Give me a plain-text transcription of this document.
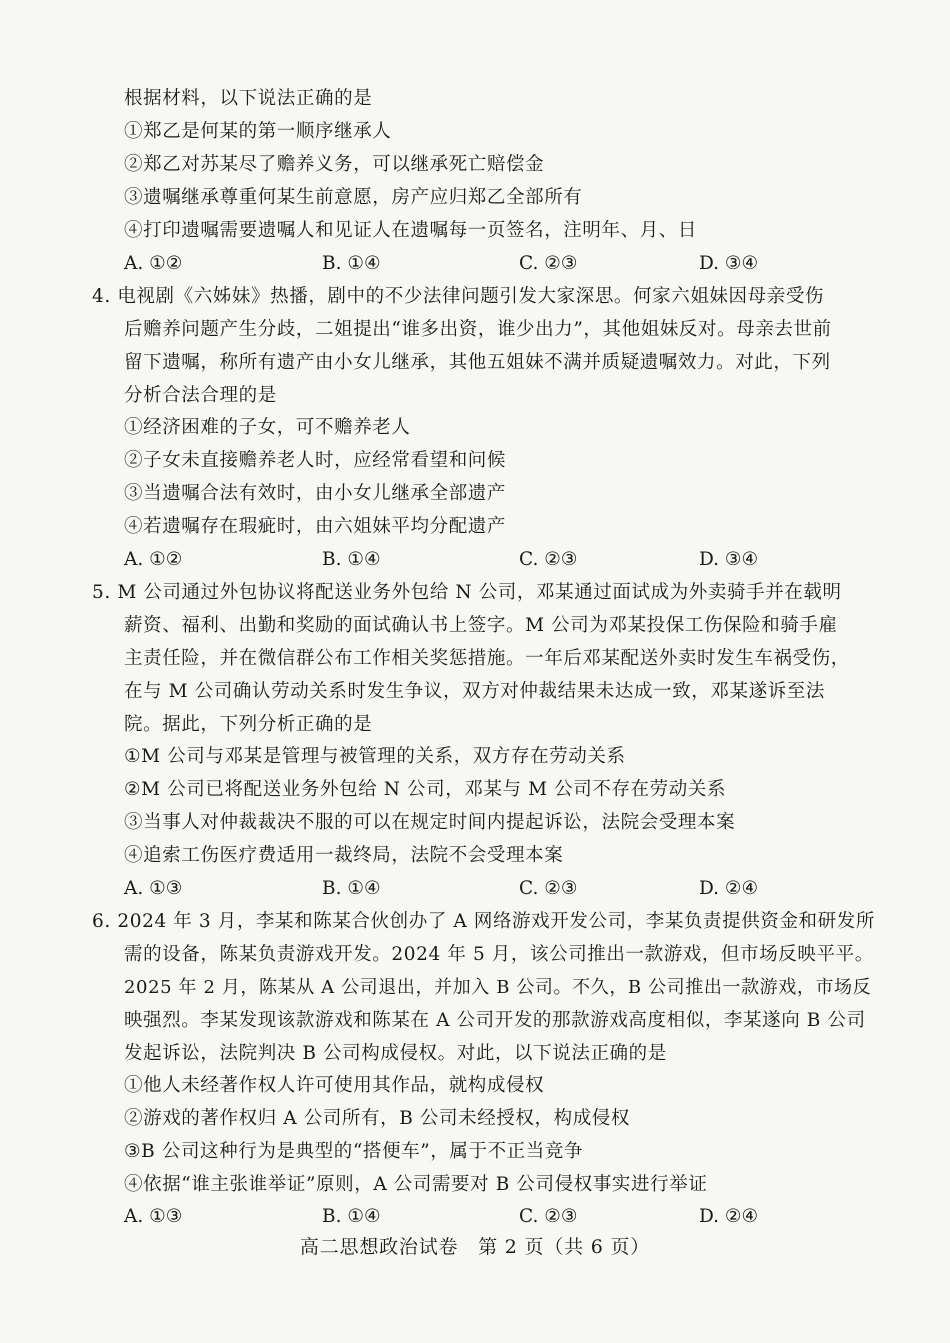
根据材料，以下说法正确的是
①郑乙是何某的第一顺序继承人
②郑乙对苏某尽了赡养义务，可以继承死亡赔偿金
③遗嘱继承尊重何某生前意愿，房产应归郑乙全部所有
④打印遗嘱需要遗嘱人和见证人在遗嘱每一页签名，注明年、月、日
A. ①②	B. ①④	C. ②③	D. ③④
4. 电视剧《六姊妹》热播，剧中的不少法律问题引发大家深思。何家六姐妹因母亲受伤
后赡养问题产生分歧，二姐提出“谁多出资，谁少出力”，其他姐妹反对。母亲去世前
留下遗嘱，称所有遗产由小女儿继承，其他五姐妹不满并质疑遗嘱效力。对此，下列
分析合法合理的是
①经济困难的子女，可不赡养老人
②子女未直接赡养老人时，应经常看望和问候
③当遗嘱合法有效时，由小女儿继承全部遗产
④若遗嘱存在瑕疵时，由六姐妹平均分配遗产
A. ①②	B. ①④	C. ②③	D. ③④
5. M 公司通过外包协议将配送业务外包给 N 公司，邓某通过面试成为外卖骑手并在载明
薪资、福利、出勤和奖励的面试确认书上签字。M 公司为邓某投保工伤保险和骑手雇
主责任险，并在微信群公布工作相关奖惩措施。一年后邓某配送外卖时发生车祸受伤，
在与 M 公司确认劳动关系时发生争议，双方对仲裁结果未达成一致，邓某遂诉至法
院。据此，下列分析正确的是
①M 公司与邓某是管理与被管理的关系，双方存在劳动关系
②M 公司已将配送业务外包给 N 公司，邓某与 M 公司不存在劳动关系
③当事人对仲裁裁决不服的可以在规定时间内提起诉讼，法院会受理本案
④追索工伤医疗费适用一裁终局，法院不会受理本案
A. ①③	B. ①④	C. ②③	D. ②④
6. 2024 年 3 月，李某和陈某合伙创办了 A 网络游戏开发公司，李某负责提供资金和研发所
需的设备，陈某负责游戏开发。2024 年 5 月，该公司推出一款游戏，但市场反映平平。
2025 年 2 月，陈某从 A 公司退出，并加入 B 公司。不久，B 公司推出一款游戏，市场反
映强烈。李某发现该款游戏和陈某在 A 公司开发的那款游戏高度相似，李某遂向 B 公司
发起诉讼，法院判决 B 公司构成侵权。对此，以下说法正确的是
①他人未经著作权人许可使用其作品，就构成侵权
②游戏的著作权归 A 公司所有，B 公司未经授权，构成侵权
③B 公司这种行为是典型的“搭便车”，属于不正当竞争
④依据“谁主张谁举证”原则，A 公司需要对 B 公司侵权事实进行举证
A. ①③	B. ①④	C. ②③	D. ②④
高二思想政治试卷　第 2 页（共 6 页）
